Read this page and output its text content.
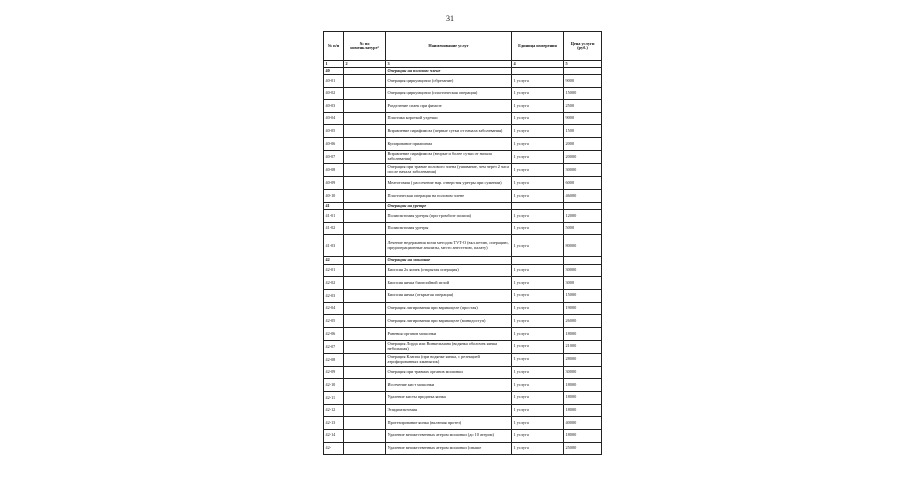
31
№ п/п	№ по номенклатуре¹	Наименование услуг	Единица измерения	Цена услуги (руб.)
1	2	3	4	5
40		Операции на половом члене		
40-01		Операция циркумцизио (обрезание)	1 услуга	9000
40-02		Операция циркумцизио (пластическая операция)	1 услуга	15000
40-03		Разделение спаек при фимозе	1 услуга	2500
40-04		Пластика короткой уздечки	1 услуга	9000
40-05		Вправление парафимоза (первые сутки от начала заболевания)	1 услуга	1500
40-06		Купирование приапизма	1 услуга	2000
40-07		Вправление парафимоза (вторые и более сутки от начала заболевания)	1 услуга	20000
40-08		Операция при травме полового члена (ушивание, чем через 2 часа после начала заболевания)	1 услуга	30000
40-09		Меатотомия ( рассечение нар. отверстия уретры при сужении)	1 услуга	6000
40-10		Пластическая операция на половом члене	1 услуга	46000
41		Операции на уретре		
41-01		Полипэктомия уретры (при тромбозе полипа)	1 услуга	12000
41-02		Полипэктомия уретры	1 услуга	5000
41-03		Лечение недержания мочи методом TVT-O (вкл.петлю, операцию, предоперационные анализы, место анестезию, палату)	1 услуга	80000
42		Операции на мошонке		
42-01		Биопсия 2х яичек (открытая операция)	1 услуга	30000
42-02		Биопсия яичка биопсийной иглой	1 услуга	3000
42-03		Биопсия яичка (открытая операция)	1 услуга	15000
42-04		Операция лигирования при варикоцеле (простая)	1 услуга	19000
42-05		Операция лигирования при варикоцеле (минидоступ)	1 услуга	26000
42-06		Ранения органов мошонки	1 услуга	18000
42-07		Операция Лорда или Винкельмана (водянка оболочек яичка небольшая)	1 услуга	21000
42-08		Операция Клаппа (при водянке яичка, с резекцией атрофированных кманыпок)	1 услуга	28000
42-09		Операция при травмах органов мошонки	1 услуга	30000
42-10		Иссечение кист мошонки	1 услуга	18000
42-11		Удаление кисты придатка яичка	1 услуга	18000
42-12		Эпидимэктомия	1 услуга	18000
42-13		Протезирование яичка (включая протез)	1 услуга	40000
42-14		Удаление множественных атером мошонки (до 10 атером)	1 услуга	18000
42-		Удаление множественных атером мошонки (свыше	1 услуга	25000
